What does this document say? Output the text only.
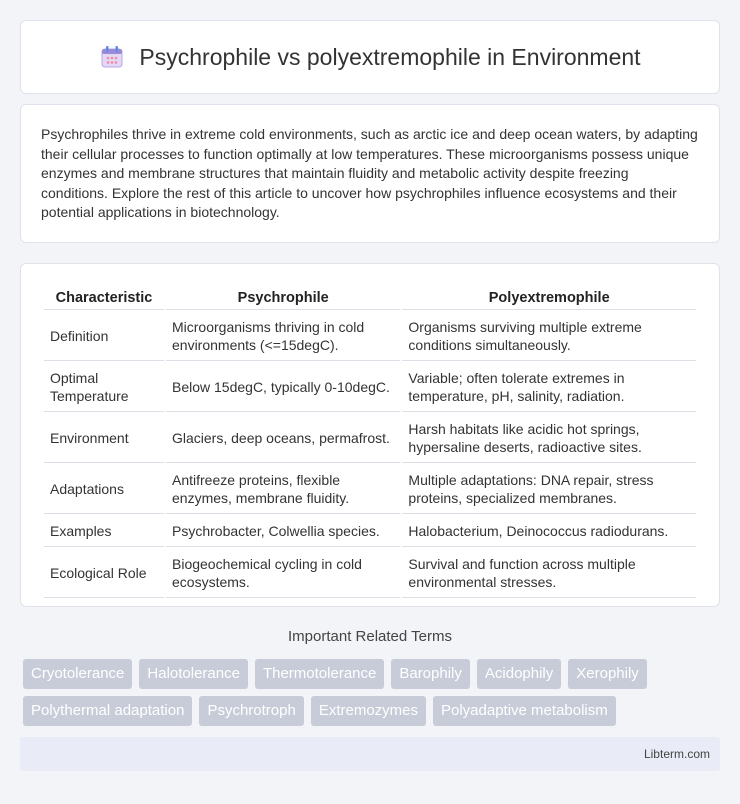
Psychrophile vs polyextremophile in Environment

Psychrophiles thrive in extreme cold environments, such as arctic ice and deep ocean waters, by adapting their cellular processes to function optimally at low temperatures. These microorganisms possess unique enzymes and membrane structures that maintain fluidity and metabolic activity despite freezing conditions. Explore the rest of this article to uncover how psychrophiles influence ecosystems and their potential applications in biotechnology.

Characteristic	Psychrophile	Polyextremophile
Definition	Microorganisms thriving in cold environments (<=15degC).	Organisms surviving multiple extreme conditions simultaneously.
Optimal Temperature	Below 15degC, typically 0-10degC.	Variable; often tolerate extremes in temperature, pH, salinity, radiation.
Environment	Glaciers, deep oceans, permafrost.	Harsh habitats like acidic hot springs, hypersaline deserts, radioactive sites.
Adaptations	Antifreeze proteins, flexible enzymes, membrane fluidity.	Multiple adaptations: DNA repair, stress proteins, specialized membranes.
Examples	Psychrobacter, Colwellia species.	Halobacterium, Deinococcus radiodurans.
Ecological Role	Biogeochemical cycling in cold ecosystems.	Survival and function across multiple environmental stresses.
Important Related Terms
Cryotolerance	Halotolerance	Thermotolerance	Barophily	Acidophily	Xerophily
Polythermal adaptation	Psychrotroph	Extremozymes	Polyadaptive metabolism
Libterm.com
